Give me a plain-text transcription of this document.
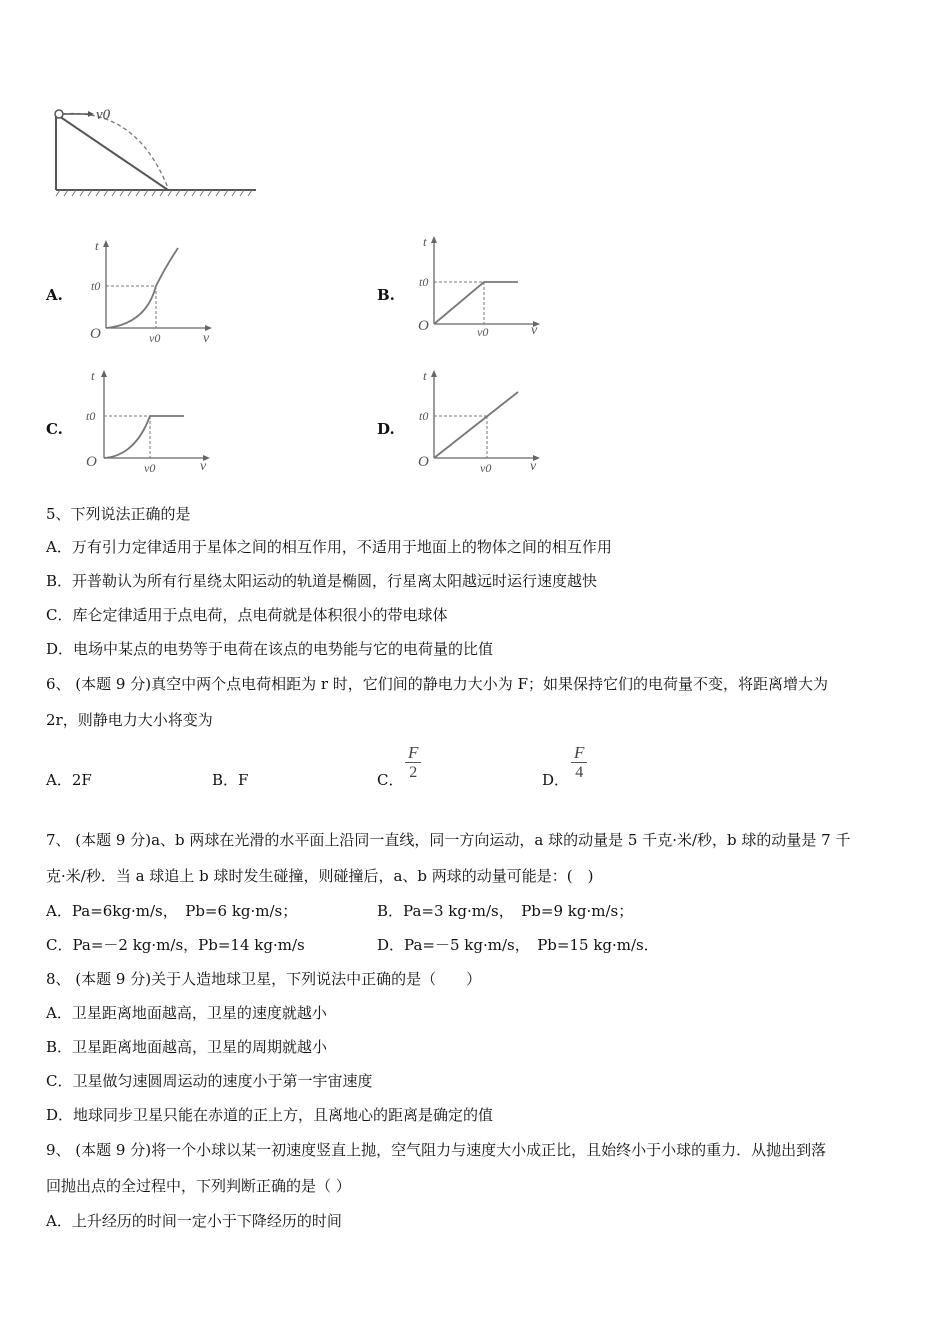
v0
A.
t
O
t0
v0	v
B.
t
O
t0
v0	v
C.
t
O
t0
v0	v
D.
t
O
t0
v0	v
5、下列说法正确的是
A．万有引力定律适用于星体之间的相互作用，不适用于地面上的物体之间的相互作用
B．开普勒认为所有行星绕太阳运动的轨道是椭圆，行星离太阳越远时运行速度越快
C．库仑定律适用于点电荷，点电荷就是体积很小的带电球体
D．电场中某点的电势等于电荷在该点的电势能与它的电荷量的比值
6、 (本题 9 分)真空中两个点电荷相距为 r 时，它们间的静电力大小为 F；如果保持它们的电荷量不变，将距离增大为
2r，则静电力大小将变为
A．2F	B．F	C．
F
2	D．
F
4
7、 (本题 9 分)a、b 两球在光滑的水平面上沿同一直线，同一方向运动，a 球的动量是 5 千克·米/秒，b 球的动量是 7 千
克·米/秒．当 a 球追上 b 球时发生碰撞，则碰撞后，a、b 两球的动量可能是：(　)
A．Pa=6kg·m/s，　Pb=6 kg·m/s；	B．Pa=3 kg·m/s，　Pb=9 kg·m/s；
C．Pa=－2 kg·m/s，Pb=14 kg·m/s	D．Pa=－5 kg·m/s，　Pb=15 kg·m/s．
8、 (本题 9 分)关于人造地球卫星，下列说法中正确的是（　　）
A．卫星距离地面越高，卫星的速度就越小
B．卫星距离地面越高，卫星的周期就越小
C．卫星做匀速圆周运动的速度小于第一宇宙速度
D．地球同步卫星只能在赤道的正上方，且离地心的距离是确定的值
9、 (本题 9 分)将一个小球以某一初速度竖直上抛，空气阻力与速度大小成正比，且始终小于小球的重力．从抛出到落
回抛出点的全过程中，下列判断正确的是（ ）
A．上升经历的时间一定小于下降经历的时间
